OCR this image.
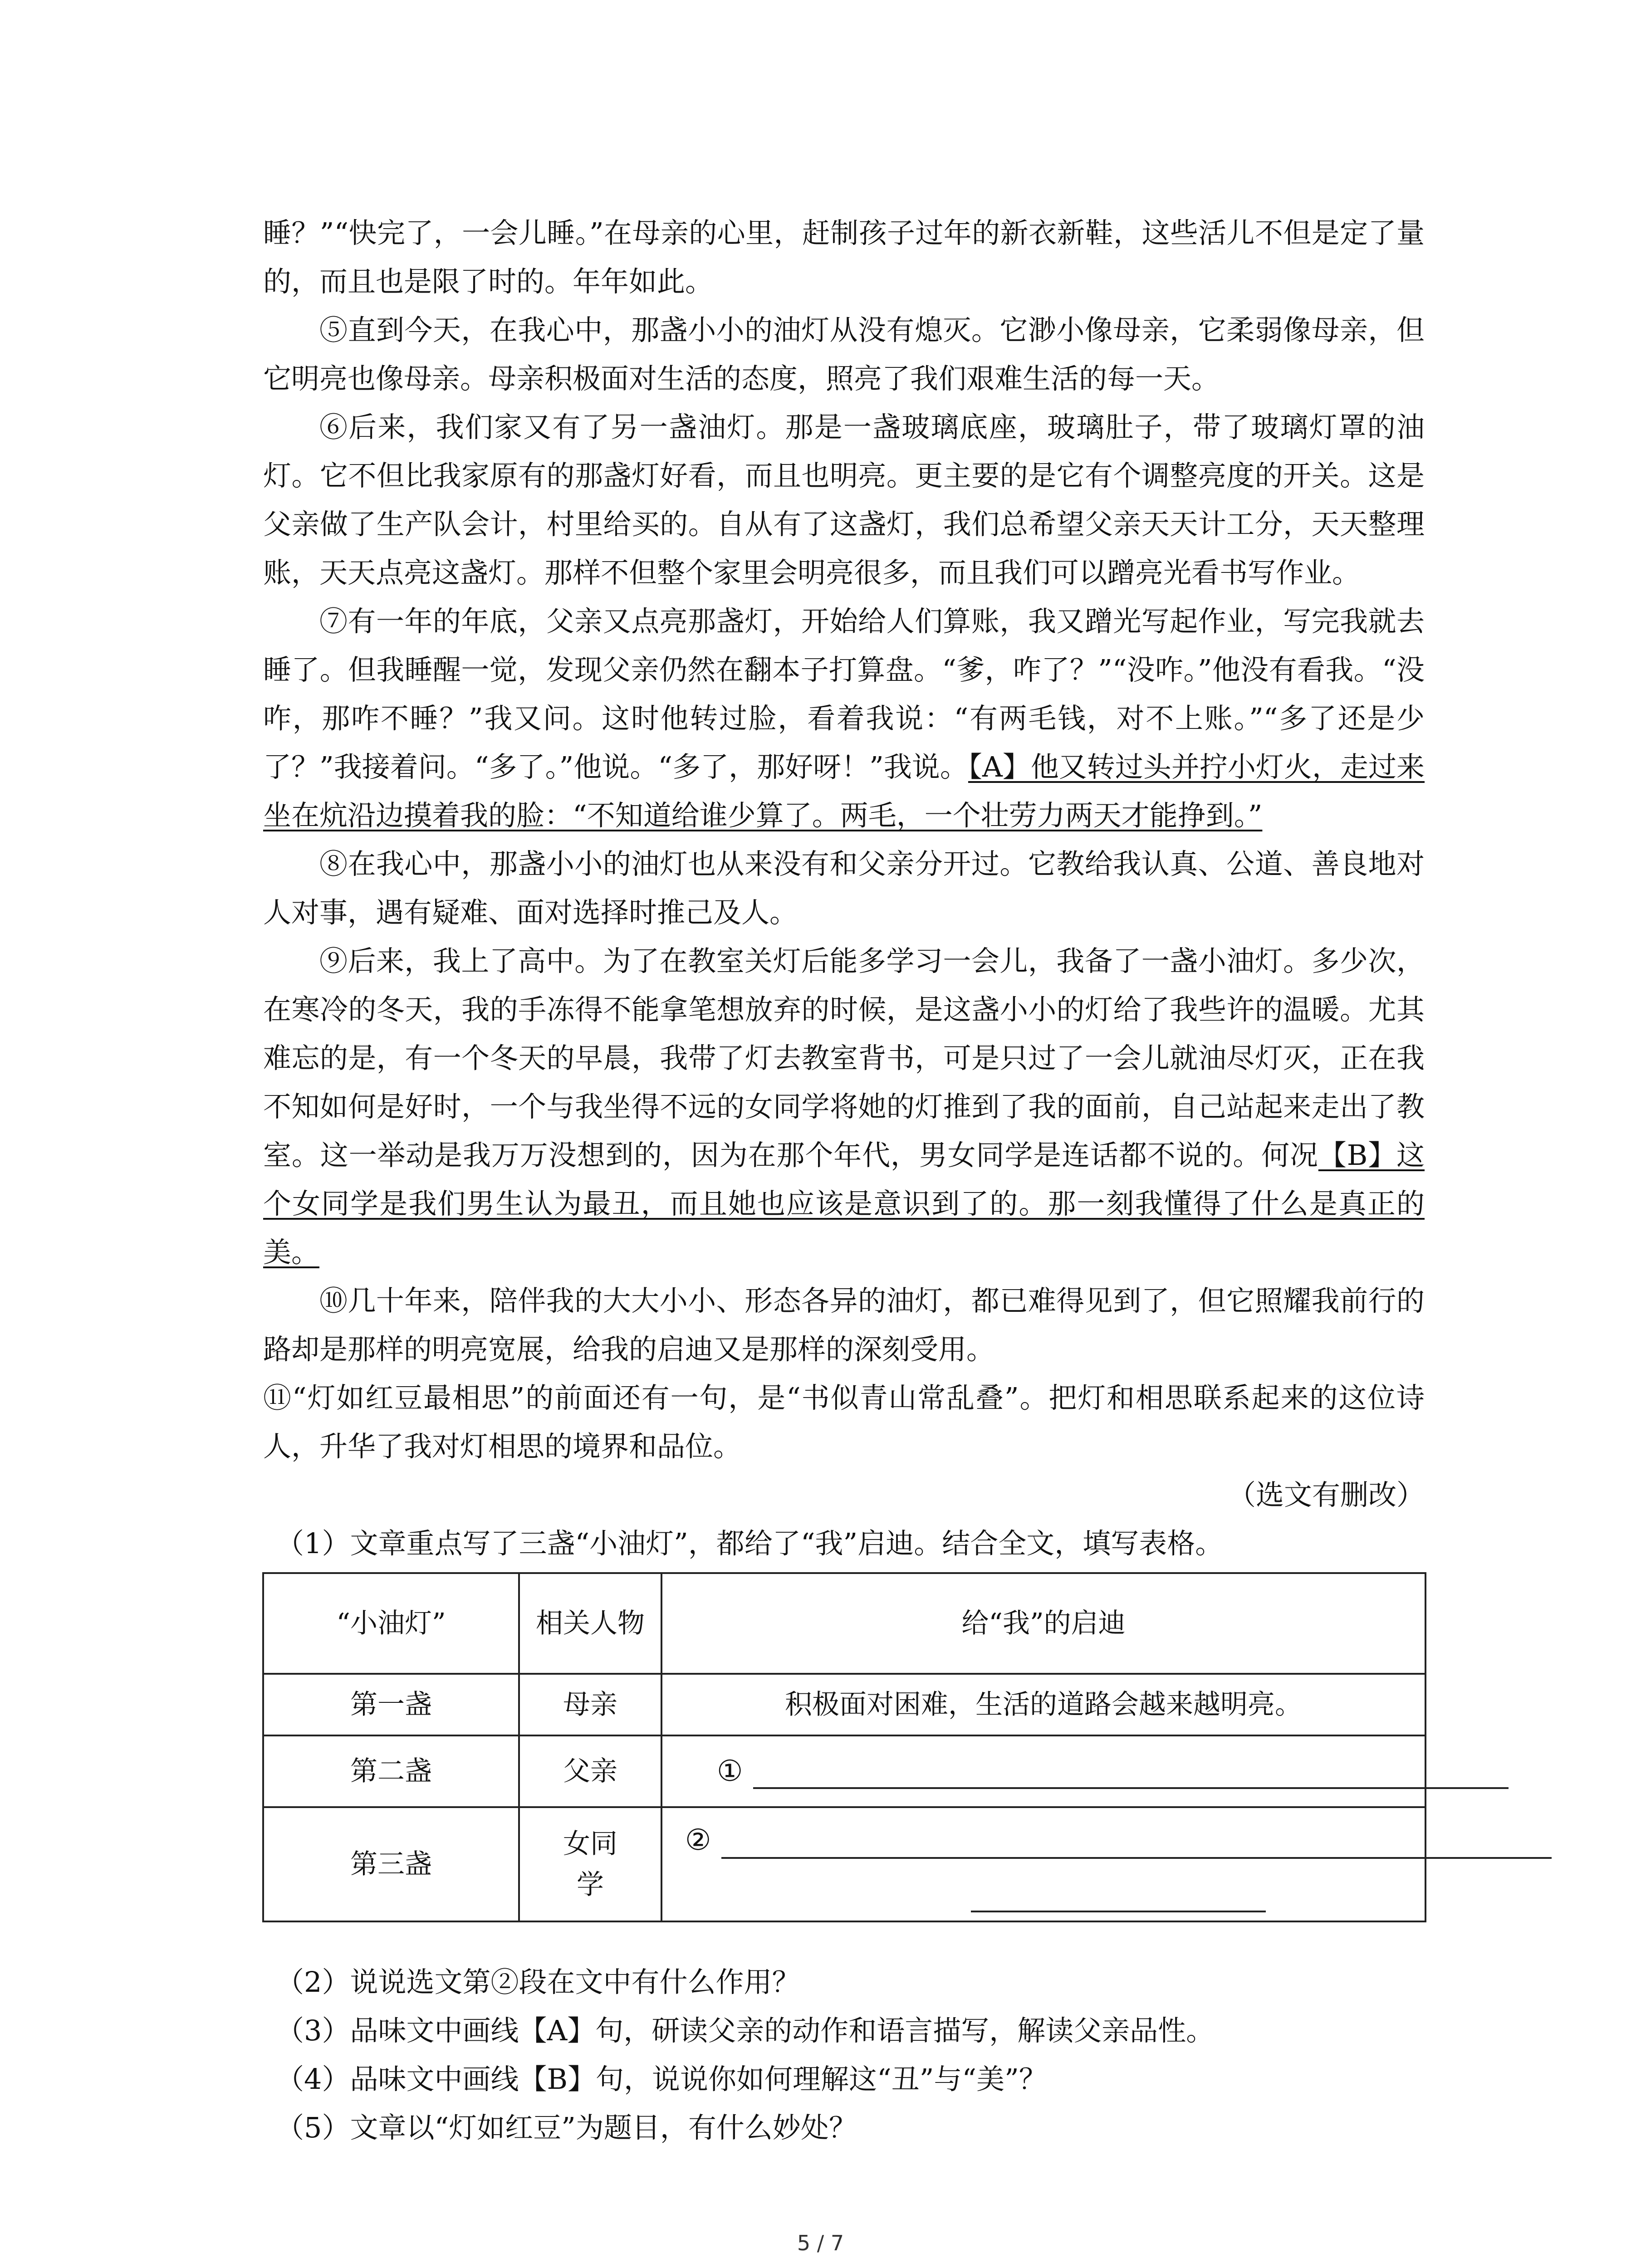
睡？”“快完了，一会儿睡。”在母亲的心里，赶制孩子过年的新衣新鞋，这些活儿不但是定了量的，而且也是限了时的。年年如此。

⑤直到今天，在我心中，那盏小小的油灯从没有熄灭。它渺小像母亲，它柔弱像母亲，但它明亮也像母亲。母亲积极面对生活的态度，照亮了我们艰难生活的每一天。

⑥后来，我们家又有了另一盏油灯。那是一盏玻璃底座，玻璃肚子，带了玻璃灯罩的油灯。它不但比我家原有的那盏灯好看，而且也明亮。更主要的是它有个调整亮度的开关。这是父亲做了生产队会计，村里给买的。自从有了这盏灯，我们总希望父亲天天计工分，天天整理账，天天点亮这盏灯。那样不但整个家里会明亮很多，而且我们可以蹭亮光看书写作业。

⑦有一年的年底，父亲又点亮那盏灯，开始给人们算账，我又蹭光写起作业，写完我就去睡了。但我睡醒一觉，发现父亲仍然在翻本子打算盘。“爹，咋了？”“没咋。”他没有看我。“没咋，那咋不睡？”我又问。这时他转过脸，看着我说：“有两毛钱，对不上账。”“多了还是少了？”我接着问。“多了。”他说。“多了，那好呀！”我说。【A】他又转过头并拧小灯火，走过来坐在炕沿边摸着我的脸：“不知道给谁少算了。两毛，一个壮劳力两天才能挣到。”

⑧在我心中，那盏小小的油灯也从来没有和父亲分开过。它教给我认真、公道、善良地对人对事，遇有疑难、面对选择时推己及人。

⑨后来，我上了高中。为了在教室关灯后能多学习一会儿，我备了一盏小油灯。多少次，在寒冷的冬天，我的手冻得不能拿笔想放弃的时候，是这盏小小的灯给了我些许的温暖。尤其难忘的是，有一个冬天的早晨，我带了灯去教室背书，可是只过了一会儿就油尽灯灭，正在我不知如何是好时，一个与我坐得不远的女同学将她的灯推到了我的面前，自己站起来走出了教室。这一举动是我万万没想到的，因为在那个年代，男女同学是连话都不说的。何况【B】这个女同学是我们男生认为最丑，而且她也应该是意识到了的。那一刻我懂得了什么是真正的美。

⑩几十年来，陪伴我的大大小小、形态各异的油灯，都已难得见到了，但它照耀我前行的路却是那样的明亮宽展，给我的启迪又是那样的深刻受用。

⑪“灯如红豆最相思”的前面还有一句，是“书似青山常乱叠”。把灯和相思联系起来的这位诗人，升华了我对灯相思的境界和品位。

（选文有删改）

（1）文章重点写了三盏“小油灯”，都给了“我”启迪。结合全文，填写表格。

“小油灯”	相关人物	给“我”的启迪
第一盏	母亲	积极面对困难，生活的道路会越来越明亮。
第二盏	父亲	①

第三盏	女同学	②

（2）说说选文第②段在文中有什么作用？

（3）品味文中画线【A】句，研读父亲的动作和语言描写，解读父亲品性。

（4）品味文中画线【B】句，说说你如何理解这“丑”与“美”？

（5）文章以“灯如红豆”为题目，有什么妙处？

5 / 7
